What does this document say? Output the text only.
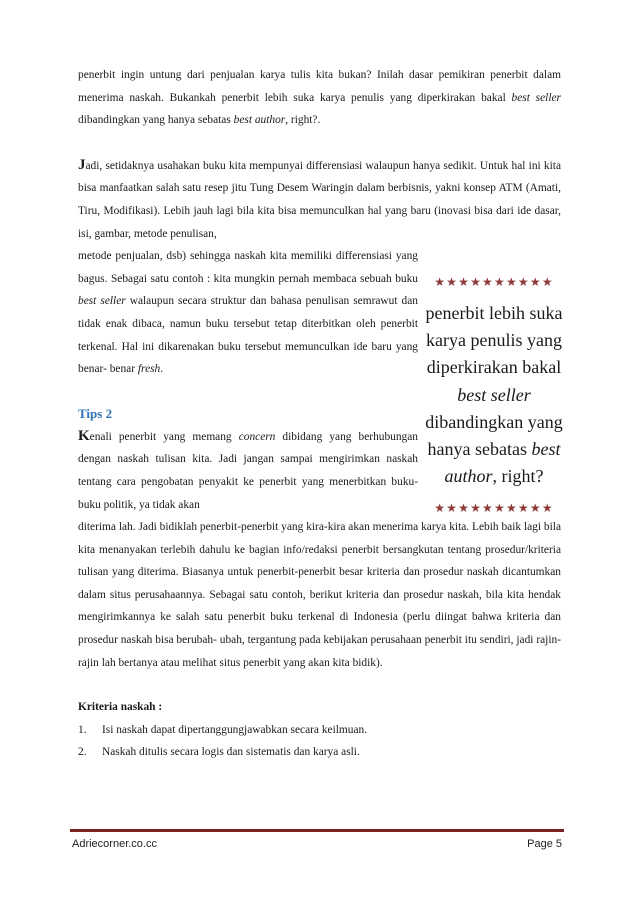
penerbit ingin untung dari penjualan karya tulis kita bukan? Inilah dasar pemikiran penerbit dalam menerima naskah. Bukankah penerbit lebih suka karya penulis yang diperkirakan bakal best seller dibandingkan yang hanya sebatas best author, right?.

Jadi, setidaknya usahakan buku kita mempunyai differensiasi walaupun hanya sedikit. Untuk hal ini kita bisa manfaatkan salah satu resep jitu Tung Desem Waringin dalam berbisnis, yakni konsep ATM (Amati, Tiru, Modifikasi). Lebih jauh lagi bila kita bisa memunculkan hal yang baru (inovasi bisa dari ide dasar, isi, gambar, metode penulisan,

metode penjualan, dsb) sehingga naskah kita memiliki differensiasi yang bagus. Sebagai satu contoh : kita mungkin pernah membaca sebuah buku best seller walaupun secara struktur dan bahasa penulisan semrawut dan tidak enak dibaca, namun buku tersebut tetap diterbitkan oleh penerbit terkenal. Hal ini dikarenakan buku tersebut memunculkan ide baru yang benar- benar fresh.

Tips 2

Kenali penerbit yang memang concern dibidang yang berhubungan dengan naskah tulisan kita. Jadi jangan sampai mengirimkan naskah tentang cara pengobatan penyakit ke penerbit yang menerbitkan buku-buku politik, ya tidak akan

diterima lah. Jadi bidiklah penerbit-penerbit yang kira-kira akan menerima karya kita. Lebih baik lagi bila kita menanyakan terlebih dahulu ke bagian info/redaksi penerbit bersangkutan tentang prosedur/kriteria tulisan yang diterima. Biasanya untuk penerbit-penerbit besar kriteria dan prosedur naskah dicantumkan dalam situs perusahaannya. Sebagai satu contoh, berikut kriteria dan prosedur naskah, bila kita hendak mengirimkannya ke salah satu penerbit buku terkenal di Indonesia (perlu diingat bahwa kriteria dan prosedur naskah bisa berubah- ubah, tergantung pada kebijakan perusahaan penerbit itu sendiri, jadi rajin-rajin lah bertanya atau melihat situs penerbit yang akan kita bidik).

Kriteria naskah :

1.	Isi naskah dapat dipertanggungjawabkan secara keilmuan.
2.	Naskah ditulis secara logis dan sistematis dan karya asli.
★★★★★★★★★★
penerbit lebih suka karya penulis yang diperkirakan bakal best seller dibandingkan yang hanya sebatas best author, right?
★★★★★★★★★★
Adriecorner.co.cc	Page 5
